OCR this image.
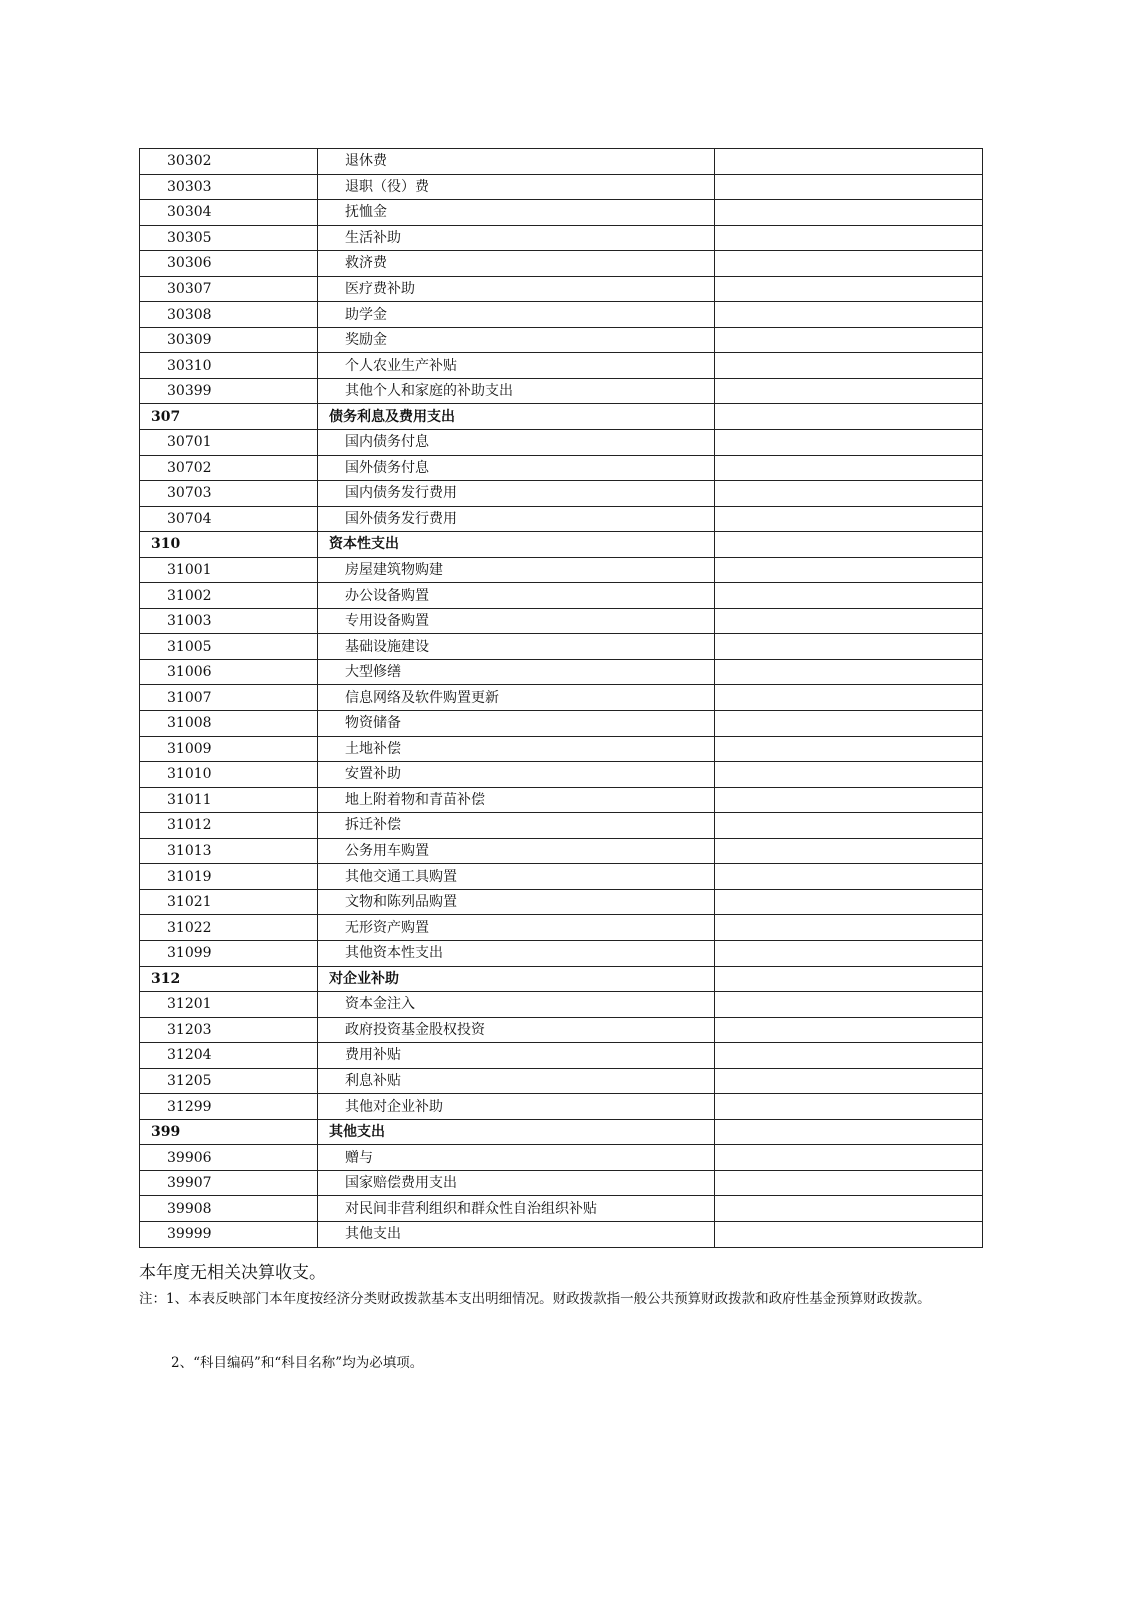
30302	退休费	
30303	退职（役）费	
30304	抚恤金	
30305	生活补助	
30306	救济费	
30307	医疗费补助	
30308	助学金	
30309	奖励金	
30310	个人农业生产补贴	
30399	其他个人和家庭的补助支出	
307	债务利息及费用支出	
30701	国内债务付息	
30702	国外债务付息	
30703	国内债务发行费用	
30704	国外债务发行费用	
310	资本性支出	
31001	房屋建筑物购建	
31002	办公设备购置	
31003	专用设备购置	
31005	基础设施建设	
31006	大型修缮	
31007	信息网络及软件购置更新	
31008	物资储备	
31009	土地补偿	
31010	安置补助	
31011	地上附着物和青苗补偿	
31012	拆迁补偿	
31013	公务用车购置	
31019	其他交通工具购置	
31021	文物和陈列品购置	
31022	无形资产购置	
31099	其他资本性支出	
312	对企业补助	
31201	资本金注入	
31203	政府投资基金股权投资	
31204	费用补贴	
31205	利息补贴	
31299	其他对企业补助	
399	其他支出	
39906	赠与	
39907	国家赔偿费用支出	
39908	对民间非营利组织和群众性自治组织补贴	
39999	其他支出	

本年度无相关决算收支。

注：1、本表反映部门本年度按经济分类财政拨款基本支出明细情况。财政拨款指一般公共预算财政拨款和政府性基金预算财政拨款。

2、“科目编码”和“科目名称”均为必填项。
